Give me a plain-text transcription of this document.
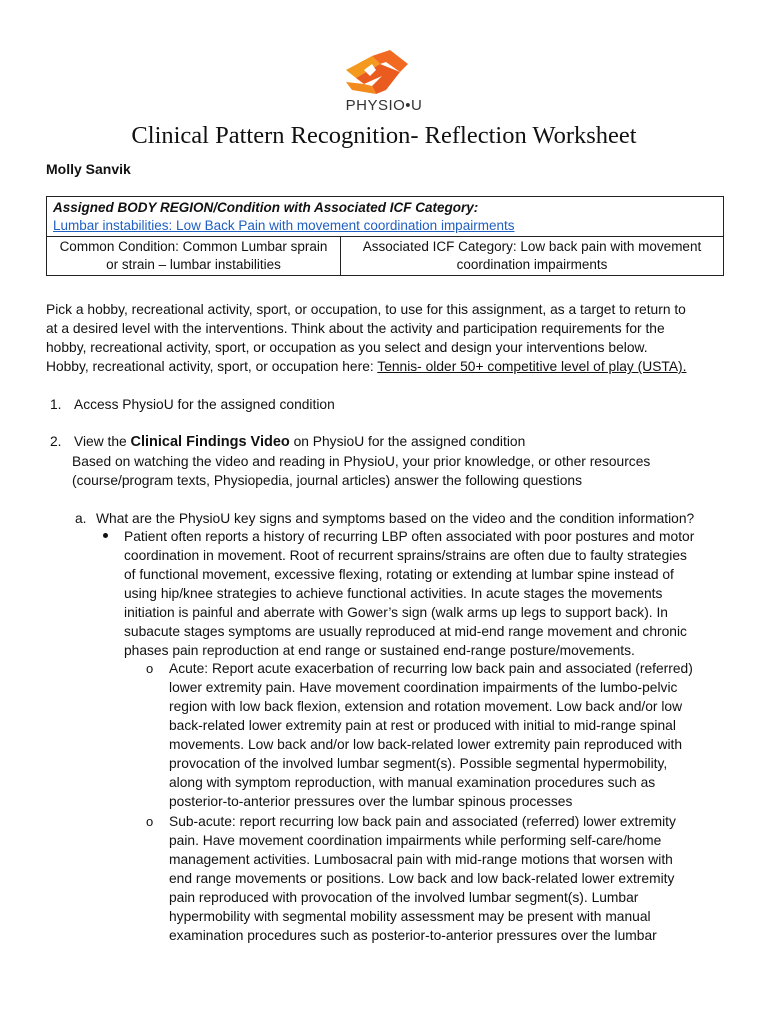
PHYSIO•U
Clinical Pattern Recognition- Reflection Worksheet
Molly Sanvik
Assigned BODY REGION/Condition with Associated ICF Category:
Lumbar instabilities: Low Back Pain with movement coordination impairments

Common Condition: Common Lumbar sprain
or strain – lumbar instabilities

Associated ICF Category: Low back pain with movement
coordination impairments
Pick a hobby, recreational activity, sport, or occupation, to use for this assignment, as a target to return to
at a desired level with the interventions. Think about the activity and participation requirements for the
hobby, recreational activity, sport, or occupation as you select and design your interventions below.
Hobby, recreational activity, sport, or occupation here: Tennis- older 50+ competitive level of play (USTA).
1. Access PhysioU for the assigned condition
2. View the Clinical Findings Video on PhysioU for the assigned condition
Based on watching the video and reading in PhysioU, your prior knowledge, or other resources
(course/program texts, Physiopedia, journal articles) answer the following questions
a. What are the PhysioU key signs and symptoms based on the video and the condition information?
Patient often reports a history of recurring LBP often associated with poor postures and motor
coordination in movement. Root of recurrent sprains/strains are often due to faulty strategies
of functional movement, excessive flexing, rotating or extending at lumbar spine instead of
using hip/knee strategies to achieve functional activities. In acute stages the movements
initiation is painful and aberrate with Gower’s sign (walk arms up legs to support back). In
subacute stages symptoms are usually reproduced at mid-end range movement and chronic
phases pain reproduction at end range or sustained end-range posture/movements.
o Acute: Report acute exacerbation of recurring low back pain and associated (referred)
lower extremity pain. Have movement coordination impairments of the lumbo-pelvic
region with low back flexion, extension and rotation movement. Low back and/or low
back-related lower extremity pain at rest or produced with initial to mid-range spinal
movements. Low back and/or low back-related lower extremity pain reproduced with
provocation of the involved lumbar segment(s). Possible segmental hypermobility,
along with symptom reproduction, with manual examination procedures such as
posterior-to-anterior pressures over the lumbar spinous processes
o Sub-acute: report recurring low back pain and associated (referred) lower extremity
pain. Have movement coordination impairments while performing self-care/home
management activities. Lumbosacral pain with mid-range motions that worsen with
end range movements or positions. Low back and low back-related lower extremity
pain reproduced with provocation of the involved lumbar segment(s). Lumbar
hypermobility with segmental mobility assessment may be present with manual
examination procedures such as posterior-to-anterior pressures over the lumbar
